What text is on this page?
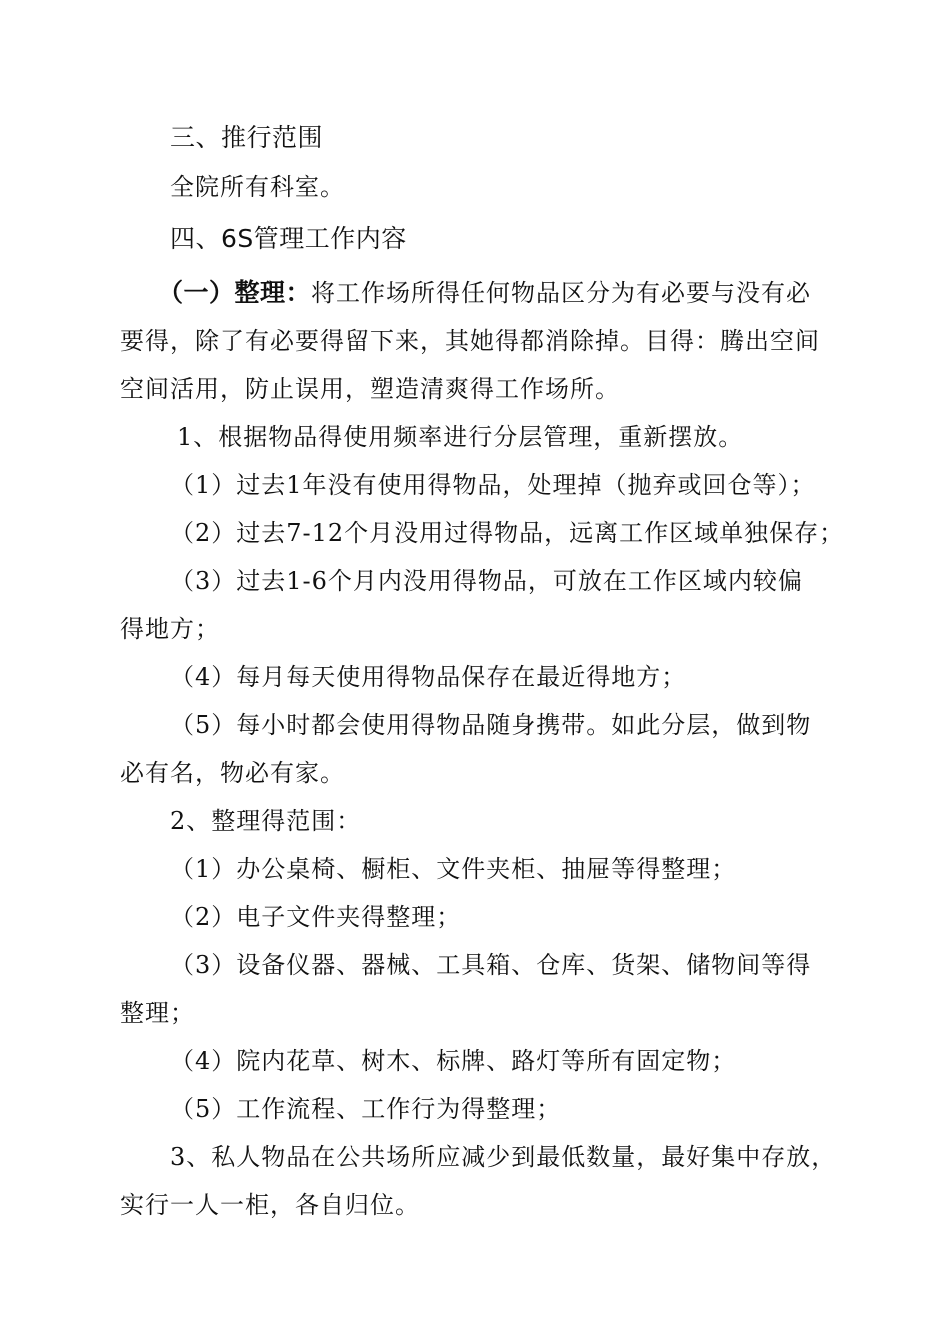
三、推行范围
全院所有科室。
四、6S管理工作内容
（一）整理：将工作场所得任何物品区分为有必要与没有必
要得，除了有必要得留下来，其她得都消除掉。目得：腾出空间
空间活用，防止误用，塑造清爽得工作场所。
1、根据物品得使用频率进行分层管理，重新摆放。
（1）过去1年没有使用得物品，处理掉（抛弃或回仓等）；
（2）过去7-12个月没用过得物品，远离工作区域单独保存；
（3）过去1-6个月内没用得物品，可放在工作区域内较偏
得地方；
（4）每月每天使用得物品保存在最近得地方；
（5）每小时都会使用得物品随身携带。如此分层，做到物
必有名，物必有家。
2、整理得范围：
（1）办公桌椅、橱柜、文件夹柜、抽屉等得整理；
（2）电子文件夹得整理；
（3）设备仪器、器械、工具箱、仓库、货架、储物间等得
整理；
（4）院内花草、树木、标牌、路灯等所有固定物；
（5）工作流程、工作行为得整理；
3、私人物品在公共场所应减少到最低数量，最好集中存放，
实行一人一柜，各自归位。
